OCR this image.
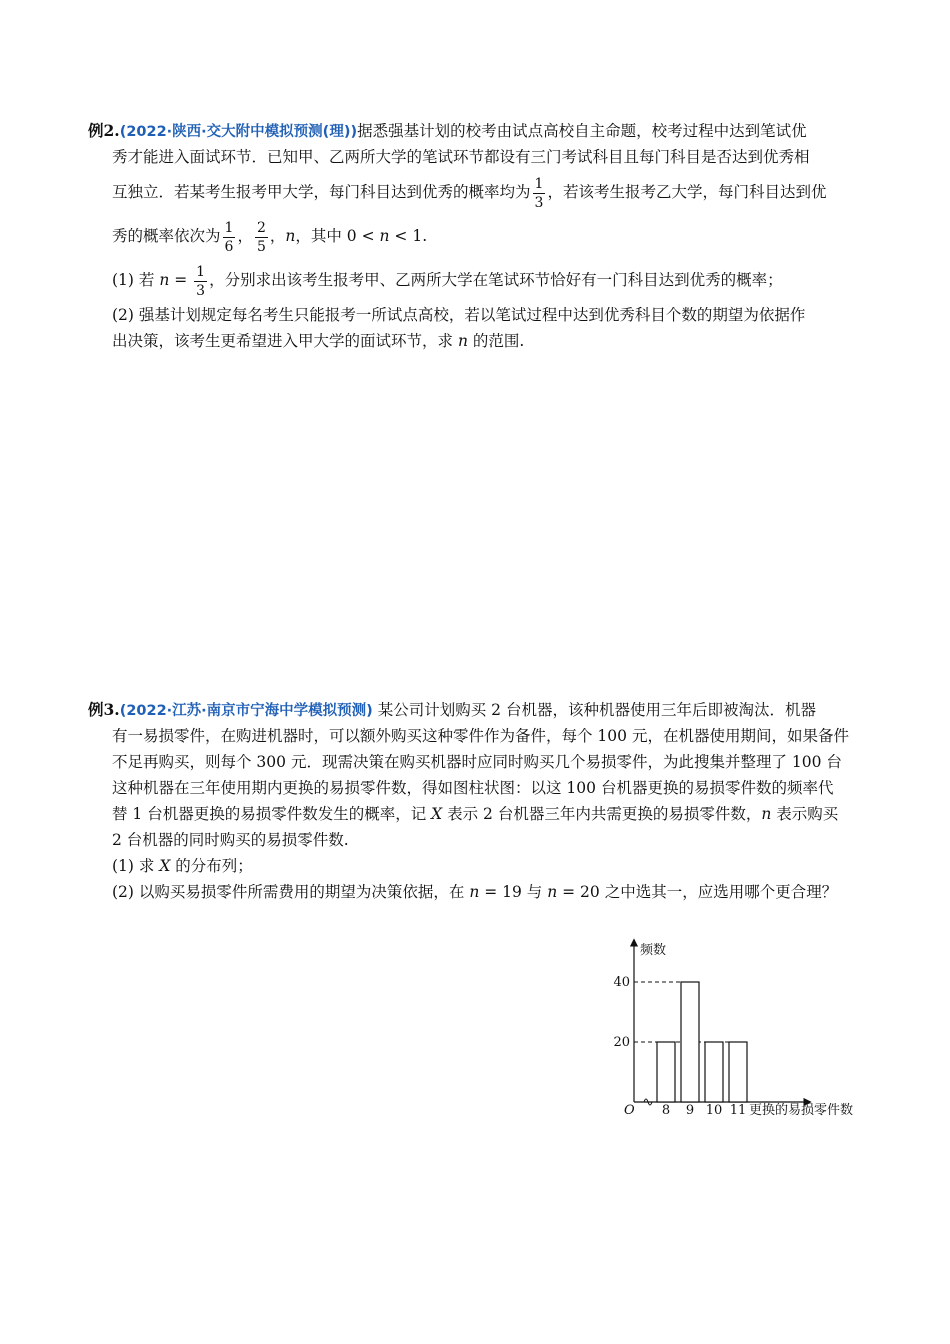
例2.(2022·陕西·交大附中模拟预测(理))据悉强基计划的校考由试点高校自主命题，校考过程中达到笔试优
秀才能进入面试环节．已知甲、乙两所大学的笔试环节都设有三门考试科目且每门科目是否达到优秀相
互独立．若某考生报考甲大学，每门科目达到优秀的概率均为 $\frac{1}{3}$ ，若该考生报考乙大学，每门科目达到优
秀的概率依次为 $\frac{1}{6}$ ， $\frac{2}{5}$ ，n，其中 0 < n < 1.
(1) 若 $n = \frac{1}{3}$ ，分别求出该考生报考甲、乙两所大学在笔试环节恰好有一门科目达到优秀的概率；
(2) 强基计划规定每名考生只能报考一所试点高校，若以笔试过程中达到优秀科目个数的期望为依据作
出决策，该考生更希望进入甲大学的面试环节，求 n 的范围.
例3.(2022·江苏·南京市宁海中学模拟预测) 某公司计划购买 2 台机器，该种机器使用三年后即被淘汰．机器
有一易损零件，在购进机器时，可以额外购买这种零件作为备件，每个 100 元，在机器使用期间，如果备件
不足再购买，则每个 300 元．现需决策在购买机器时应同时购买几个易损零件，为此搜集并整理了 100 台
这种机器在三年使用期内更换的易损零件数，得如图柱状图：以这 100 台机器更换的易损零件数的频率代
替 1 台机器更换的易损零件数发生的概率，记 X 表示 2 台机器三年内共需更换的易损零件数，n 表示购买
2 台机器的同时购买的易损零件数.
(1) 求 X 的分布列；
(2) 以购买易损零件所需费用的期望为决策依据，在 n = 19 与 n = 20 之中选其一，应选用哪个更合理？
频数
更换的易损零件数
O
20
40
8 9 10 11
